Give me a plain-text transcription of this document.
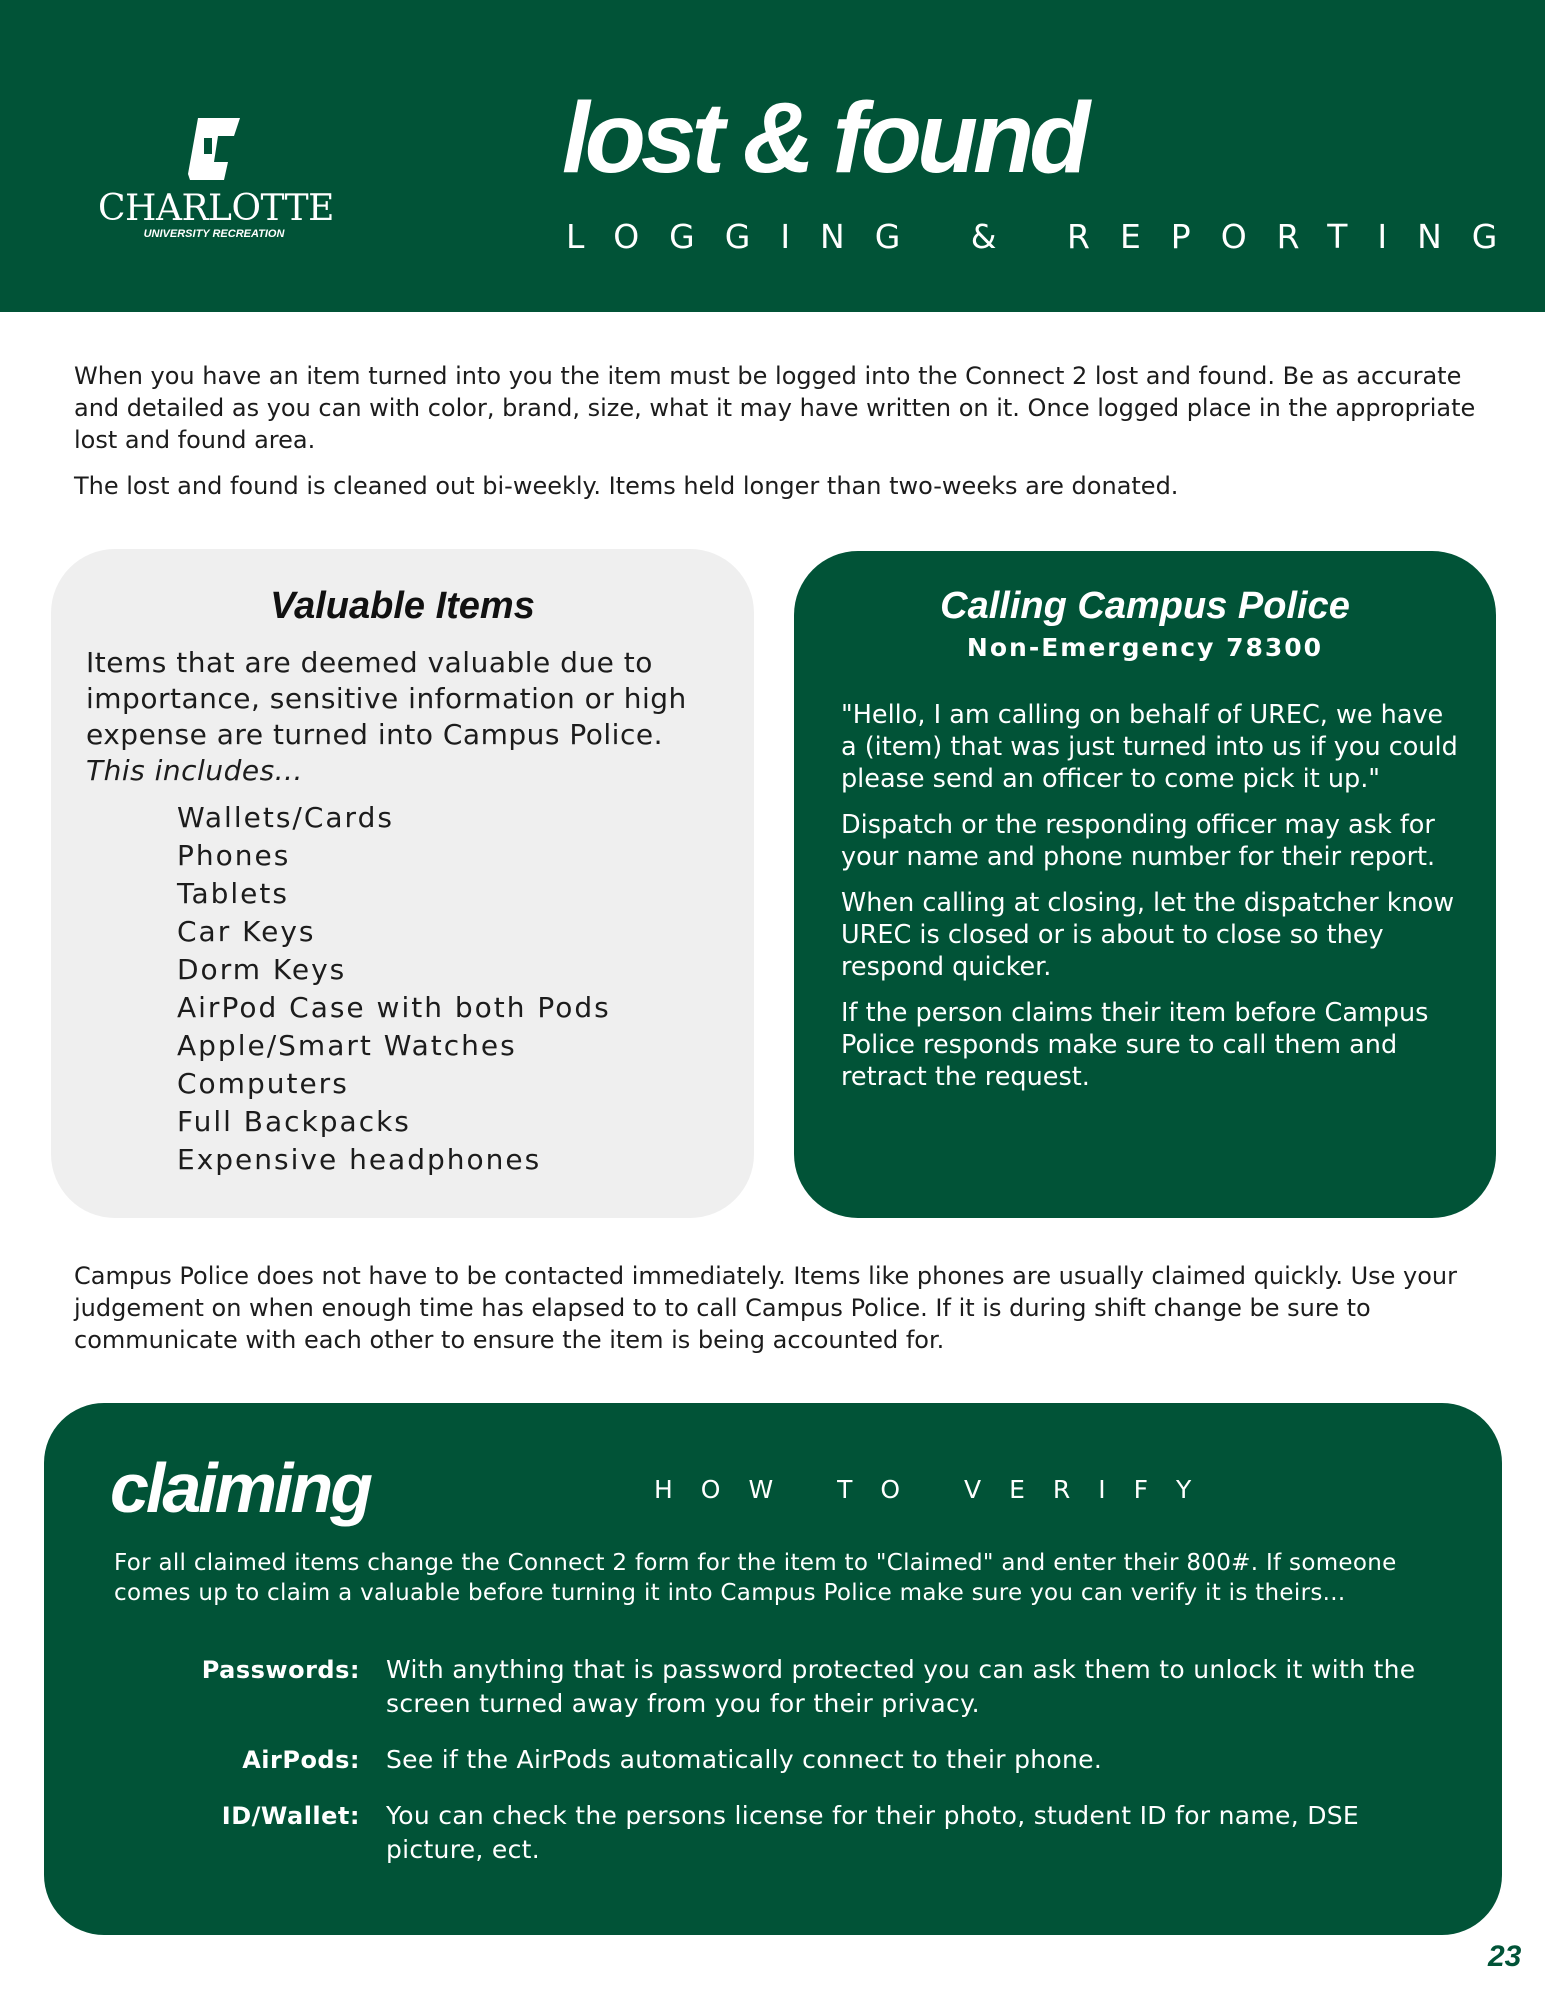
CHARLOTTE
UNIVERSITY RECREATION
lost & found
LOGGING & REPORTING

When you have an item turned into you the item must be logged into the Connect 2 lost and found. Be as accurate and detailed as you can with color, brand, size, what it may have written on it. Once logged place in the appropriate lost and found area.

The lost and found is cleaned out bi-weekly. Items held longer than two-weeks are donated.

Valuable Items
Items that are deemed valuable due to importance, sensitive information or high expense are turned into Campus Police.
This includes...
Wallets/Cards
Phones
Tablets
Car Keys
Dorm Keys
AirPod Case with both Pods
Apple/Smart Watches
Computers
Full Backpacks
Expensive headphones
Calling Campus Police
Non-Emergency 78300

"Hello, I am calling on behalf of UREC, we have a (item) that was just turned into us if you could please send an officer to come pick it up."

Dispatch or the responding officer may ask for your name and phone number for their report.

When calling at closing, let the dispatcher know UREC is closed or is about to close so they respond quicker.

If the person claims their item before Campus Police responds make sure to call them and retract the request.

Campus Police does not have to be contacted immediately. Items like phones are usually claimed quickly. Use your judgement on when enough time has elapsed to to call Campus Police. If it is during shift change be sure to communicate with each other to ensure the item is being accounted for.

claiming	HOW TO VERIFY

For all claimed items change the Connect 2 form for the item to "Claimed" and enter their 800#. If someone comes up to claim a valuable before turning it into Campus Police make sure you can verify it is theirs...

Passwords: With anything that is password protected you can ask them to unlock it with the screen turned away from you for their privacy.
AirPods: See if the AirPods automatically connect to their phone.
ID/Wallet: You can check the persons license for their photo, student ID for name, DSE picture, ect.
23
